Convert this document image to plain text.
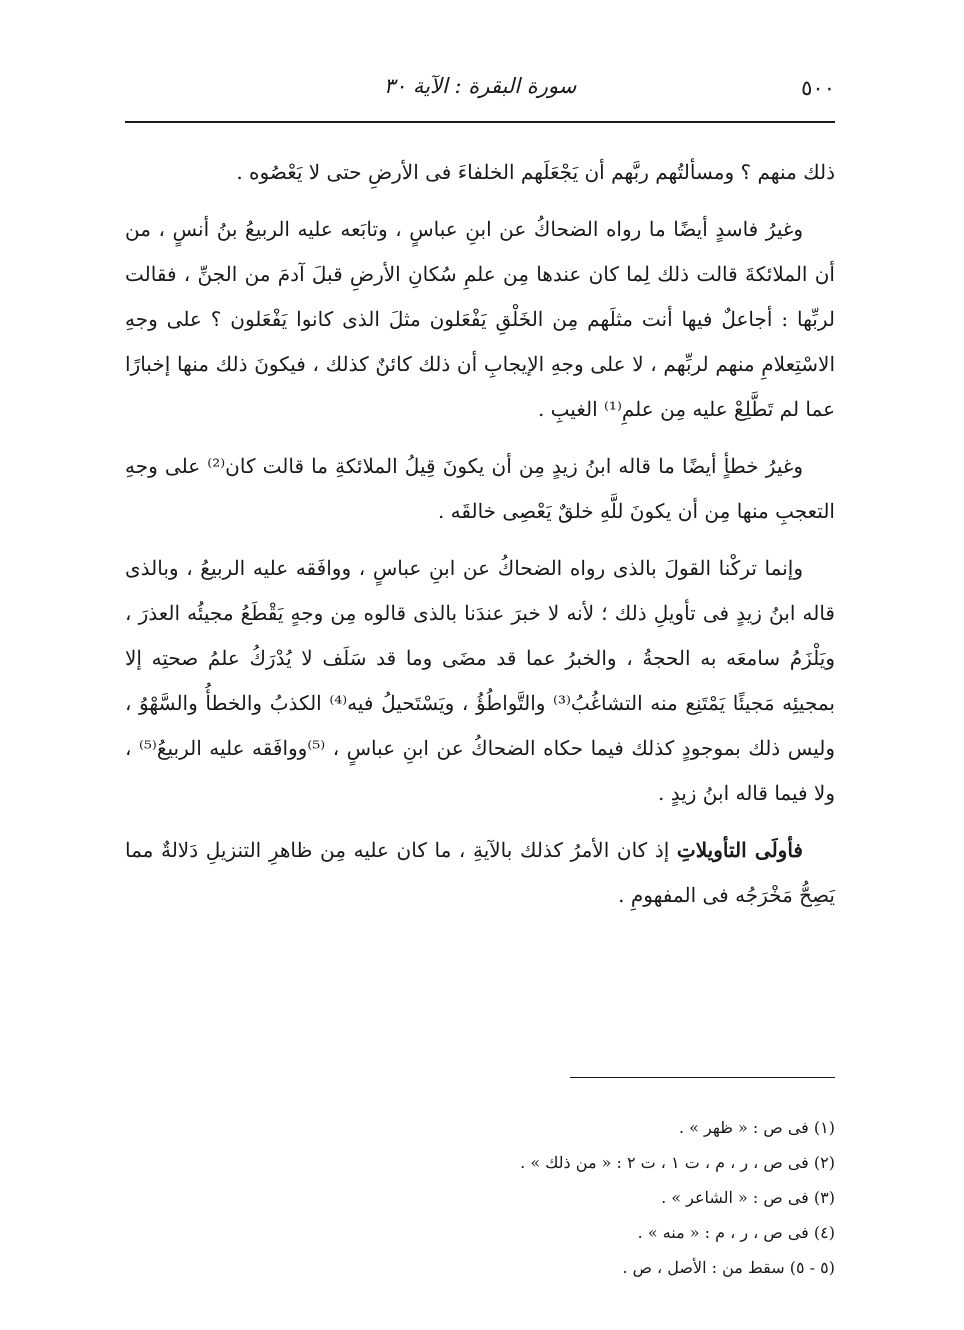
٥٠٠
سورة البقرة : الآية ٣٠

ذلك منهم ؟ ومسألتُهم ربَّهم أن يَجْعَلَهم الخلفاءَ فى الأرضِ حتى لا يَعْصُوه .

وغيرُ فاسدٍ أيضًا ما رواه الضحاكُ عن ابنِ عباسٍ ، وتابَعه عليه الربيعُ بنُ أنسٍ ، من أن الملائكةَ قالت ذلك لِما كان عندها مِن علمِ سُكانِ الأرضِ قبلَ آدمَ من الجنِّ ، فقالت لربِّها : أجاعلٌ فيها أنت مثلَهم مِن الخَلْقِ يَفْعَلون مثلَ الذى كانوا يَفْعَلون ؟ على وجهِ الاسْتِعلامِ منهم لربِّهم ، لا على وجهِ الإيجابِ أن ذلك كائنٌ كذلك ، فيكونَ ذلك منها إخبارًا عما لم تَطَّلِعْ عليه مِن علمِ⁽¹⁾ الغيبِ .

وغيرُ خطأٍ أيضًا ما قاله ابنُ زيدٍ مِن أن يكونَ قِيلُ الملائكةِ ما قالت كان⁽²⁾ على وجهِ التعجبِ منها مِن أن يكونَ للَّهِ خلقٌ يَعْصِى خالقَه .

وإنما تركْنا القولَ بالذى رواه الضحاكُ عن ابنِ عباسٍ ، ووافَقه عليه الربيعُ ، وبالذى قاله ابنُ زيدٍ فى تأويلِ ذلك ؛ لأنه لا خبرَ عندَنا بالذى قالوه مِن وجهٍ يَقْطَعُ مجيئُه العذرَ ، ويَلْزَمُ سامعَه به الحجةُ ، والخبرُ عما قد مضَى وما قد سَلَف لا يُدْرَكُ علمُ صحتِه إلا بمجيئِه مَجيئًا يَمْتَنِع منه التشاغُبُ⁽³⁾ والتَّواطُؤُ ، ويَسْتَحيلُ فيه⁽⁴⁾ الكذبُ والخطأُ والسَّهْوُ ، وليس ذلك بموجودٍ كذلك فيما حكاه الضحاكُ عن ابنِ عباسٍ ، ⁽⁵⁾ووافَقه عليه الربيعُ⁽⁵⁾ ، ولا فيما قاله ابنُ زيدٍ .

فأولَى التأويلاتِ إذ كان الأمرُ كذلك بالآيةِ ، ما كان عليه مِن ظاهرِ التنزيلِ دَلالةٌ مما يَصِحُّ مَخْرَجُه فى المفهومِ .

(١) فى ص : « ظهر » .
(٢) فى ص ، ر ، م ، ت ١ ، ت ٢ : « من ذلك » .
(٣) فى ص : « الشاعر » .
(٤) فى ص ، ر ، م : « منه » .
(٥ - ٥) سقط من : الأصل ، ص .
